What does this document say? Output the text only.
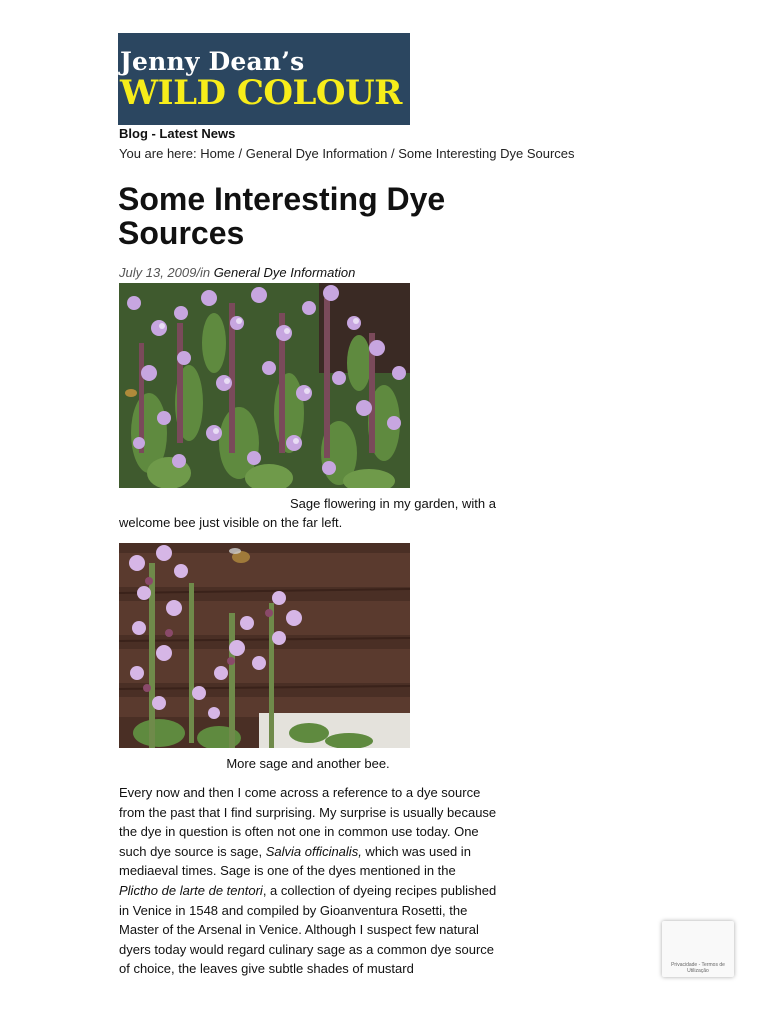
Jenny Dean’s
WILD COLOUR
Blog - Latest News
You are here: Home / General Dye Information / Some Interesting Dye Sources
Some Interesting Dye Sources
July 13, 2009/in General Dye Information
Sage flowering in my garden, with a welcome bee just visible on the far left.
More sage and another bee.

Every now and then I come across a reference to a dye source from the past that I find surprising. My surprise is usually because the dye in question is often not one in common use today. One such dye source is sage, Salvia officinalis, which was used in mediaeval times. Sage is one of the dyes mentioned in the Plictho de larte de tentori, a collection of dyeing recipes published in Venice in 1548 and compiled by Gioanventura Rosetti, the Master of the Arsenal in Venice. Although I suspect few natural dyers today would regard culinary sage as a common dye source of choice, the leaves give subtle shades of mustard	Privacidade - Termos de Utilização
